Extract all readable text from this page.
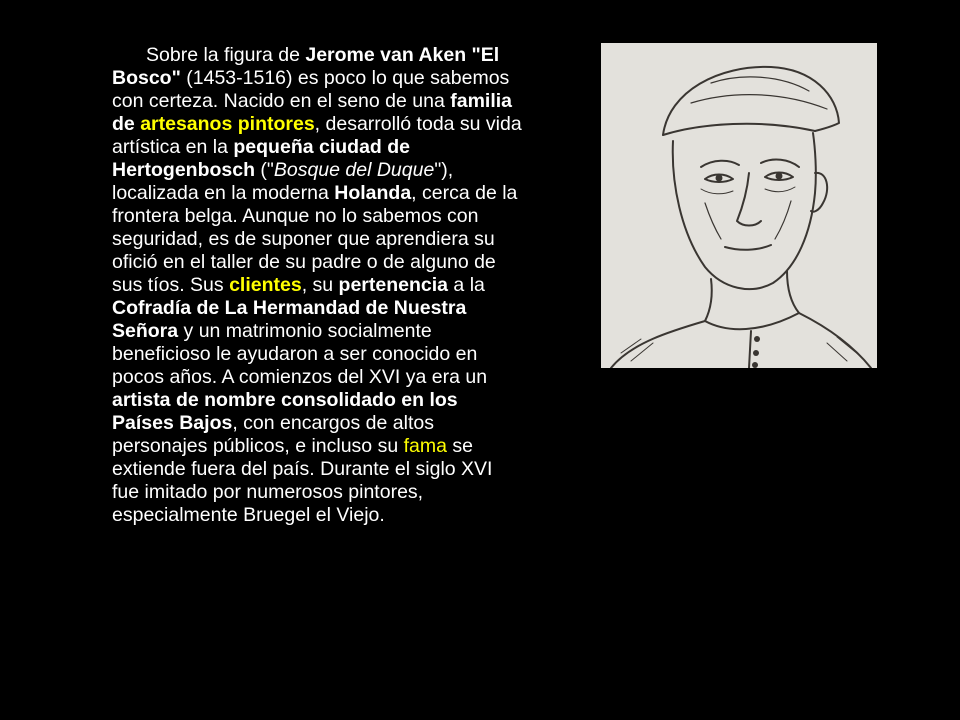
Sobre la figura de Jerome van Aken "El Bosco" (1453-1516) es poco lo que sabemos con certeza. Nacido en el seno de una familia de artesanos pintores, desarrolló toda su vida artística en la pequeña ciudad de Hertogenbosch ("Bosque del Duque"), localizada en la moderna Holanda, cerca de la frontera belga. Aunque no lo sabemos con seguridad, es de suponer que aprendiera su ofició en el taller de su padre o de alguno de sus tíos. Sus clientes, su pertenencia a la Cofradía de La Hermandad de Nuestra Señora y un matrimonio socialmente beneficioso le ayudaron a ser conocido en pocos años. A comienzos del XVI ya era un artista de nombre consolidado en los Países Bajos, con encargos de altos personajes públicos, e incluso su fama se extiende fuera del país. Durante el siglo XVI fue imitado por numerosos pintores, especialmente Bruegel el Viejo.
